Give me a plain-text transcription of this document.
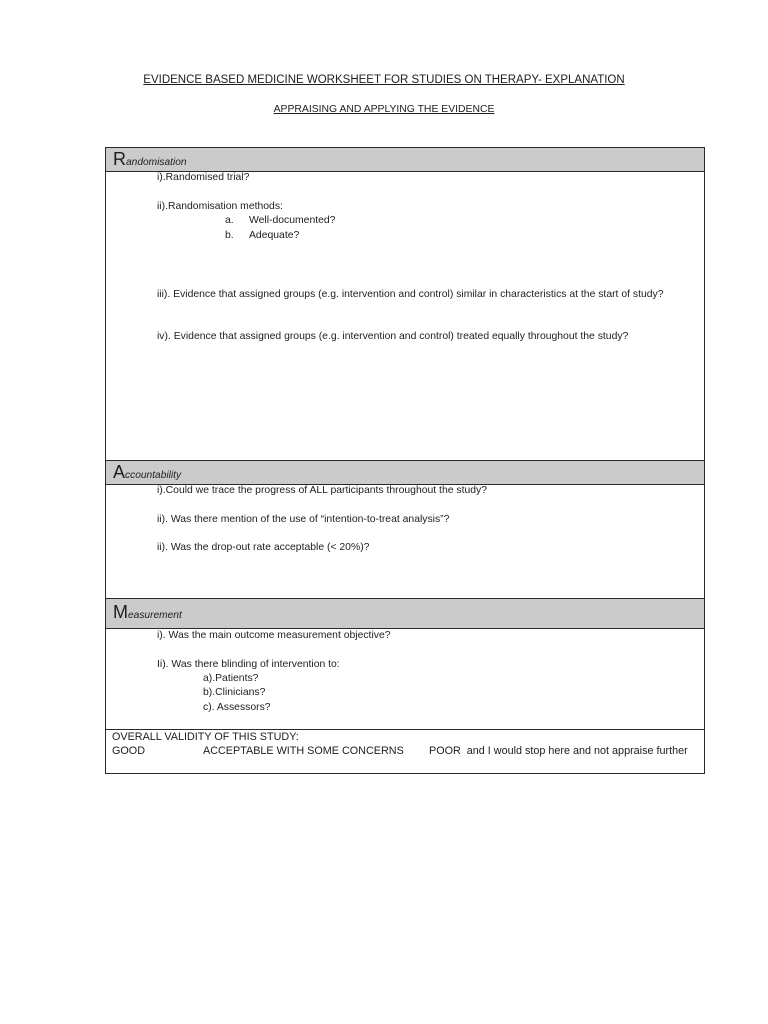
EVIDENCE BASED MEDICINE WORKSHEET FOR STUDIES ON THERAPY- EXPLANATION
APPRAISING AND APPLYING THE EVIDENCE
R andomisation
i).Randomised trial?
ii).Randomisation methods:
a. Well-documented?
b. Adequate?
iii). Evidence that assigned groups (e.g. intervention and control) similar in characteristics at the start of study?
iv). Evidence that assigned groups (e.g. intervention and control) treated equally throughout the study?
A ccountability
i).Could we trace the progress of ALL participants throughout the study?
ii). Was there mention of the use of “intention-to-treat analysis”?
ii). Was the drop-out rate acceptable (< 20%)?
M easurement
i). Was the main outcome measurement objective?
Ii). Was there blinding of intervention to:
a).Patients?
b).Clinicians?
c). Assessors?
OVERALL VALIDITY OF THIS STUDY:
GOOD	ACCEPTABLE WITH SOME CONCERNS POOR  and I would stop here and not appraise further
